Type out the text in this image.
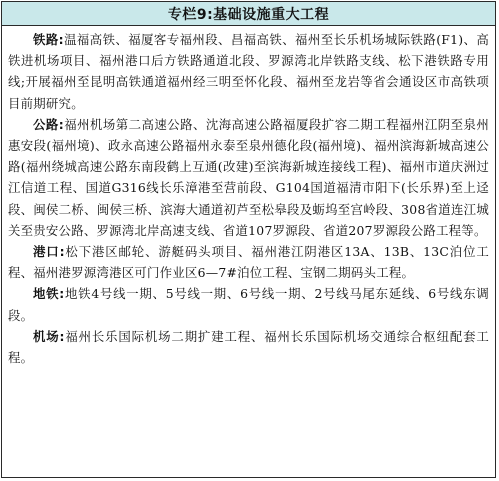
专栏9:基础设施重大工程

铁路:温福高铁、福厦客专福州段、昌福高铁、福州至长乐机场城际铁路(F1)、高铁进机场项目、福州港口后方铁路通道北段、罗源湾北岸铁路支线、松下港铁路专用线;开展福州至昆明高铁通道福州经三明至怀化段、福州至龙岩等省会通设区市高铁项目前期研究。

公路:福州机场第二高速公路、沈海高速公路福厦段扩容二期工程福州江阴至泉州惠安段(福州境)、政永高速公路福州永泰至泉州德化段(福州境)、福州滨海新城高速公路(福州绕城高速公路东南段鹤上互通(改建)至滨海新城连接线工程)、福州市道庆洲过江信道工程、国道G316线长乐漳港至营前段、G104国道福清市阳下(长乐界)至上迳段、闽侯二桥、闽侯三桥、滨海大通道初芦至松皋段及蛎坞至宫岭段、308省道连江城关至贵安公路、罗源湾北岸高速支线、省道107罗源段、省道207罗源段公路工程等。

港口:松下港区邮轮、游艇码头项目、福州港江阴港区13A、13B、13C泊位工程、福州港罗源湾港区可门作业区6—7#泊位工程、宝钢二期码头工程。

地铁:地铁4号线一期、5号线一期、6号线一期、2号线马尾东延线、6号线东调段。

机场:福州长乐国际机场二期扩建工程、福州长乐国际机场交通综合枢纽配套工程。
